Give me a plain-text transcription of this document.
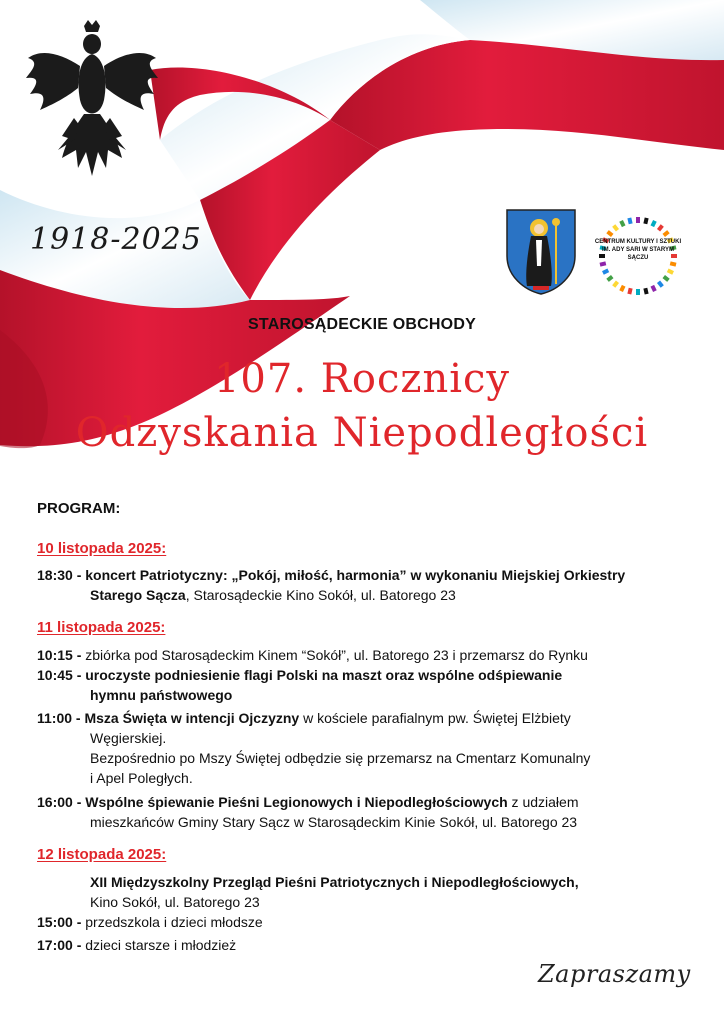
1918-2025	CENTRUM KULTURY I SZTUKI
IM. ADY SARI W STARYM SĄCZU
STAROSĄDECKIE OBCHODY
107. Rocznicy
Odzyskania Niepodległości
PROGRAM:
10 listopada 2025:
18:30 - koncert Patriotyczny: „Pokój, miłość, harmonia” w wykonaniu Miejskiej Orkiestry
Starego Sącza, Starosądeckie Kino Sokół, ul. Batorego 23
11 listopada 2025:
10:15 - zbiórka pod Starosądeckim Kinem “Sokół”, ul. Batorego 23 i przemarsz do Rynku
10:45 - uroczyste podniesienie flagi Polski na maszt oraz wspólne odśpiewanie
hymnu państwowego
11:00 - Msza Święta w intencji Ojczyzny w kościele parafialnym pw. Świętej Elżbiety
Węgierskiej.
Bezpośrednio po Mszy Świętej odbędzie się przemarsz na Cmentarz Komunalny
i Apel Poległych.
16:00 - Wspólne śpiewanie Pieśni Legionowych i Niepodległościowych z udziałem
mieszkańców Gminy Stary Sącz w Starosądeckim Kinie Sokół, ul. Batorego 23
12 listopada 2025:
XII Międzyszkolny Przegląd Pieśni Patriotycznych i Niepodległościowych,
Kino Sokół, ul. Batorego 23
15:00 - przedszkola i dzieci młodsze
17:00 - dzieci starsze i młodzież
Zapraszamy
